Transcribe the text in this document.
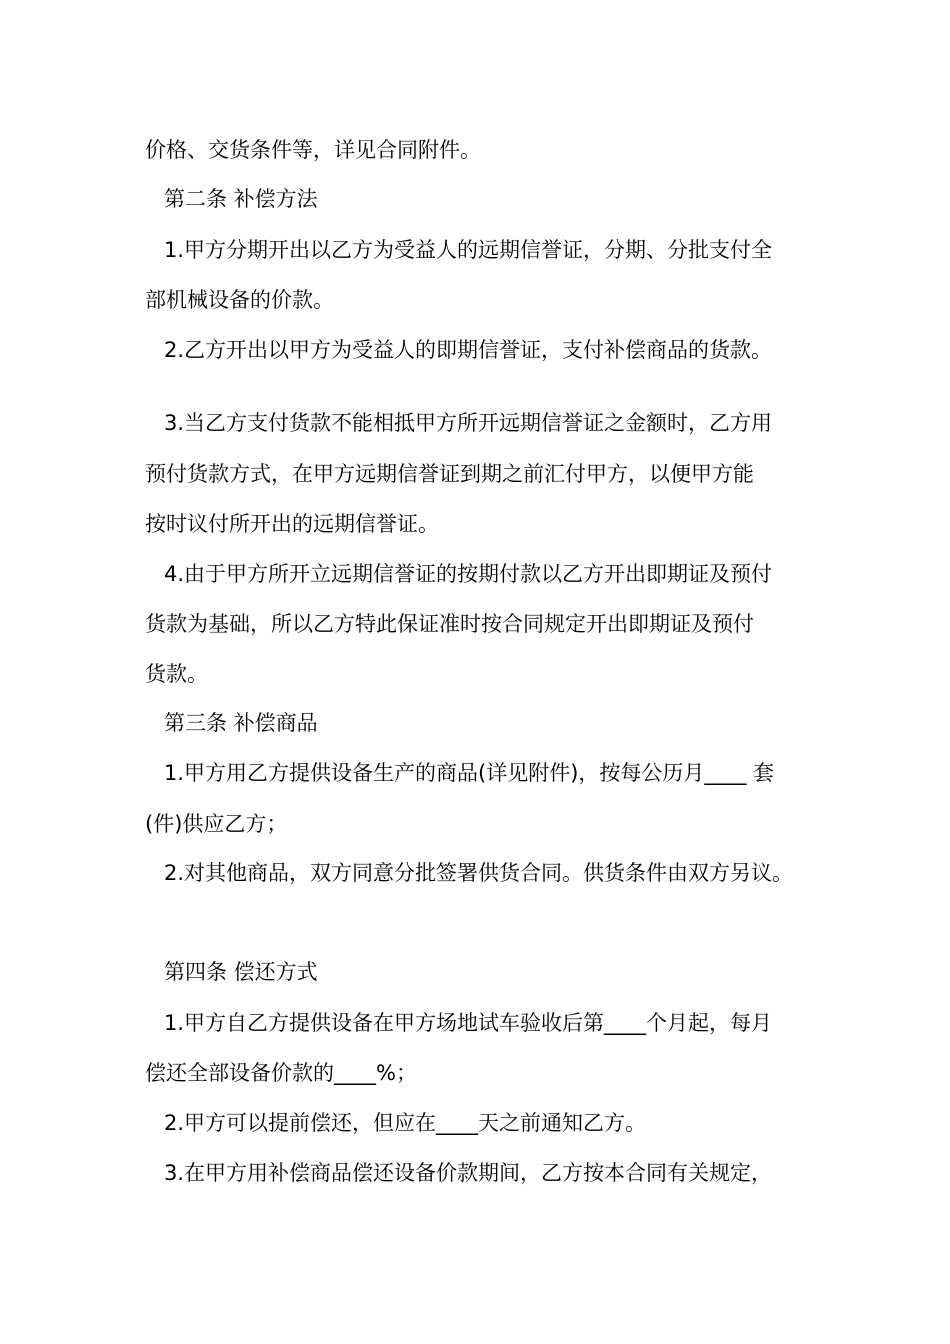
价格、交货条件等，详见合同附件。
第二条 补偿方法
1.甲方分期开出以乙方为受益人的远期信誉证，分期、分批支付全
部机械设备的价款。
2.乙方开出以甲方为受益人的即期信誉证，支付补偿商品的货款。
3.当乙方支付货款不能相抵甲方所开远期信誉证之金额时，乙方用
预付货款方式，在甲方远期信誉证到期之前汇付甲方，以便甲方能
按时议付所开出的远期信誉证。
4.由于甲方所开立远期信誉证的按期付款以乙方开出即期证及预付
货款为基础，所以乙方特此保证准时按合同规定开出即期证及预付
货款。
第三条 补偿商品
1.甲方用乙方提供设备生产的商品(详见附件)，按每公历月____ 套
(件)供应乙方；
2.对其他商品，双方同意分批签署供货合同。供货条件由双方另议。
第四条 偿还方式
1.甲方自乙方提供设备在甲方场地试车验收后第____个月起，每月
偿还全部设备价款的____%；
2.甲方可以提前偿还，但应在____天之前通知乙方。
3.在甲方用补偿商品偿还设备价款期间，乙方按本合同有关规定，
